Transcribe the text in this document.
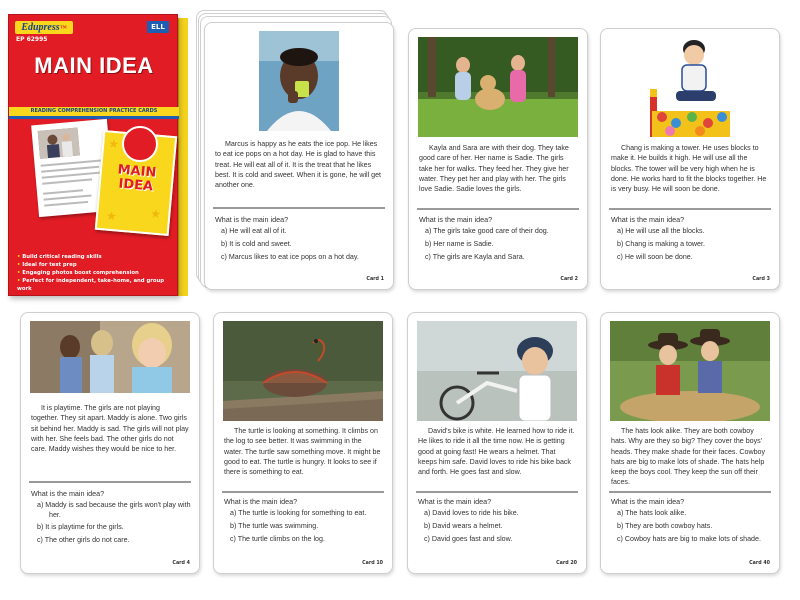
Edupress™	ELL
EP 62995
MAIN IDEA
READING COMPREHENSION PRACTICE CARDS
★
★
★
MAIN IDEA
• Build critical reading skills
• Ideal for test prep
• Engaging photos boost comprehension
• Perfect for independent, take-home, and group work

Marcus is happy as he eats the ice pop. He likes to eat ice pops on a hot day. He is glad to have this treat. He will eat all of it. It is the treat that he likes best. It is cold and sweet. When it is gone, he will get another one.

What is the main idea?
a) He will eat all of it.
b) It is cold and sweet.
c) Marcus likes to eat ice pops on a hot day.
Card 1

Kayla and Sara are with their dog. They take good care of her. Her name is Sadie. The girls take her for walks. They feed her. They give her water. They pet her and play with her. The girls love Sadie. Sadie loves the girls.

What is the main idea?
a) The girls take good care of their dog.
b) Her name is Sadie.
c) The girls are Kayla and Sara.
Card 2

Chang is making a tower. He uses blocks to make it. He builds it high. He will use all the blocks. The tower will be very high when he is done. He works hard to fit the blocks together. He is very busy. He will soon be done.

What is the main idea?
a) He will use all the blocks.
b) Chang is making a tower.
c) He will soon be done.
Card 3

It is playtime. The girls are not playing together. They sit apart. Maddy is alone. Two girls sit behind her. Maddy is sad. The girls will not play with her. She feels bad. The other girls do not care. Maddy wishes they would be nice to her.

What is the main idea?
a) Maddy is sad because the girls won't play with her.
b) It is playtime for the girls.
c) The other girls do not care.
Card 4

The turtle is looking at something. It climbs on the log to see better. It was swimming in the water. The turtle saw something move. It might be good to eat. The turtle is hungry. It looks to see if there is something to eat.

What is the main idea?
a) The turtle is looking for something to eat.
b) The turtle was swimming.
c) The turtle climbs on the log.
Card 10

David's bike is white. He learned how to ride it. He likes to ride it all the time now. He is getting good at going fast! He wears a helmet. That keeps him safe. David loves to ride his bike back and forth. He goes fast and slow.

What is the main idea?
a) David loves to ride his bike.
b) David wears a helmet.
c) David goes fast and slow.
Card 20

The hats look alike. They are both cowboy hats. Why are they so big? They cover the boys' heads. They make shade for their faces. Cowboy hats are big to make lots of shade. The hats help keep the boys cool. They keep the sun off their faces.

What is the main idea?
a) The hats look alike.
b) They are both cowboy hats.
c) Cowboy hats are big to make lots of shade.
Card 40
